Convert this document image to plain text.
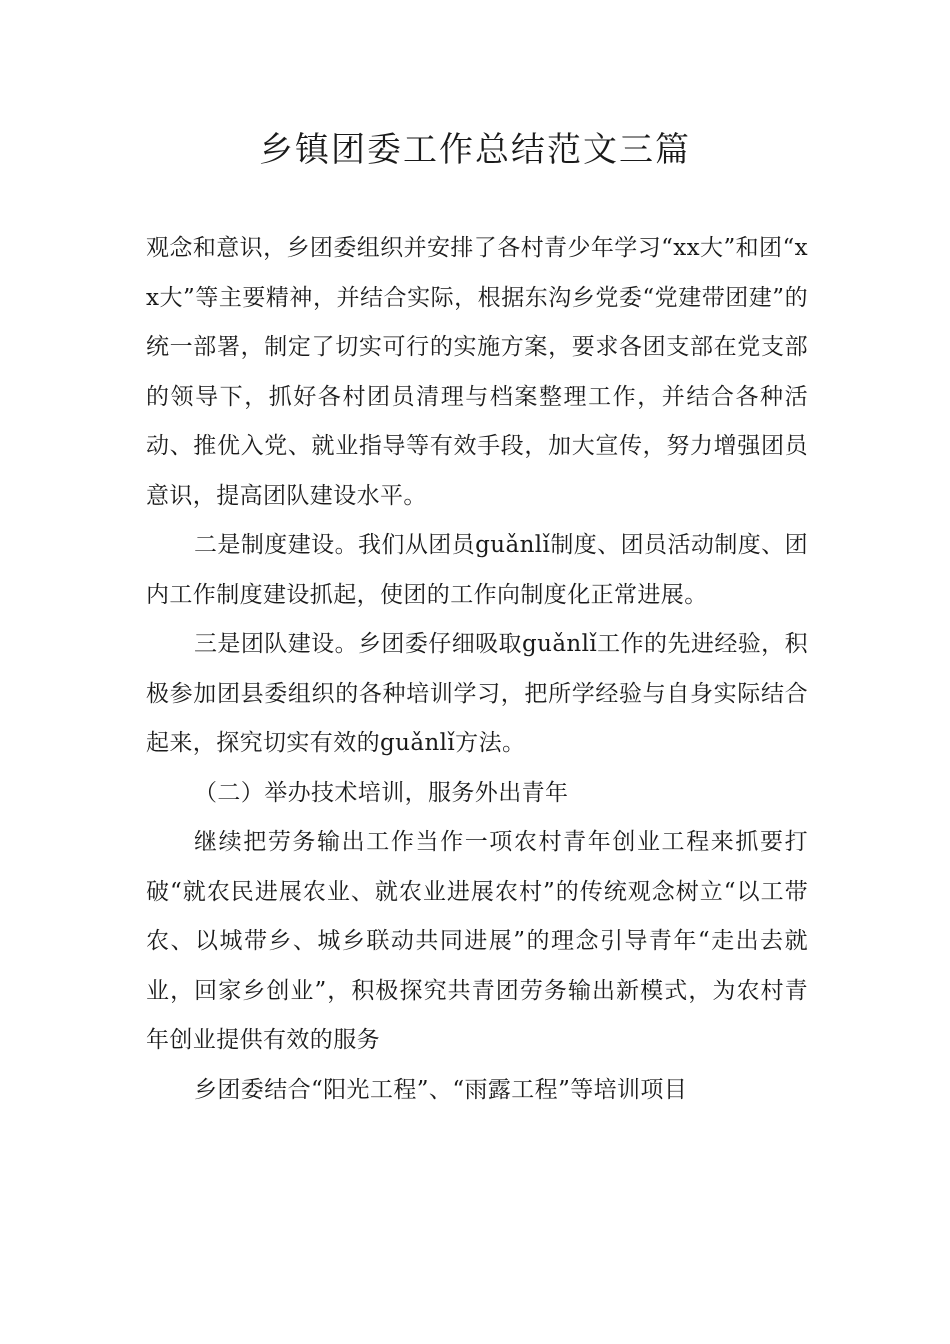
乡镇团委工作总结范文三篇

观念和意识，乡团委组织并安排了各村青少年学习“xx大”和团“xx大”等主要精神，并结合实际，根据东沟乡党委“党建带团建”的统一部署，制定了切实可行的实施方案，要求各团支部在党支部的领导下，抓好各村团员清理与档案整理工作，并结合各种活动、推优入党、就业指导等有效手段，加大宣传，努力增强团员意识，提高团队建设水平。

二是制度建设。我们从团员guǎnlǐ制度、团员活动制度、团内工作制度建设抓起，使团的工作向制度化正常进展。

三是团队建设。乡团委仔细吸取guǎnlǐ工作的先进经验，积极参加团县委组织的各种培训学习，把所学经验与自身实际结合起来，探究切实有效的guǎnlǐ方法。

（二）举办技术培训，服务外出青年

继续把劳务输出工作当作一项农村青年创业工程来抓要打破“就农民进展农业、就农业进展农村”的传统观念树立“以工带农、以城带乡、城乡联动共同进展”的理念引导青年“走出去就业，回家乡创业”，积极探究共青团劳务输出新模式，为农村青年创业提供有效的服务

乡团委结合“阳光工程”、“雨露工程”等培训项目
